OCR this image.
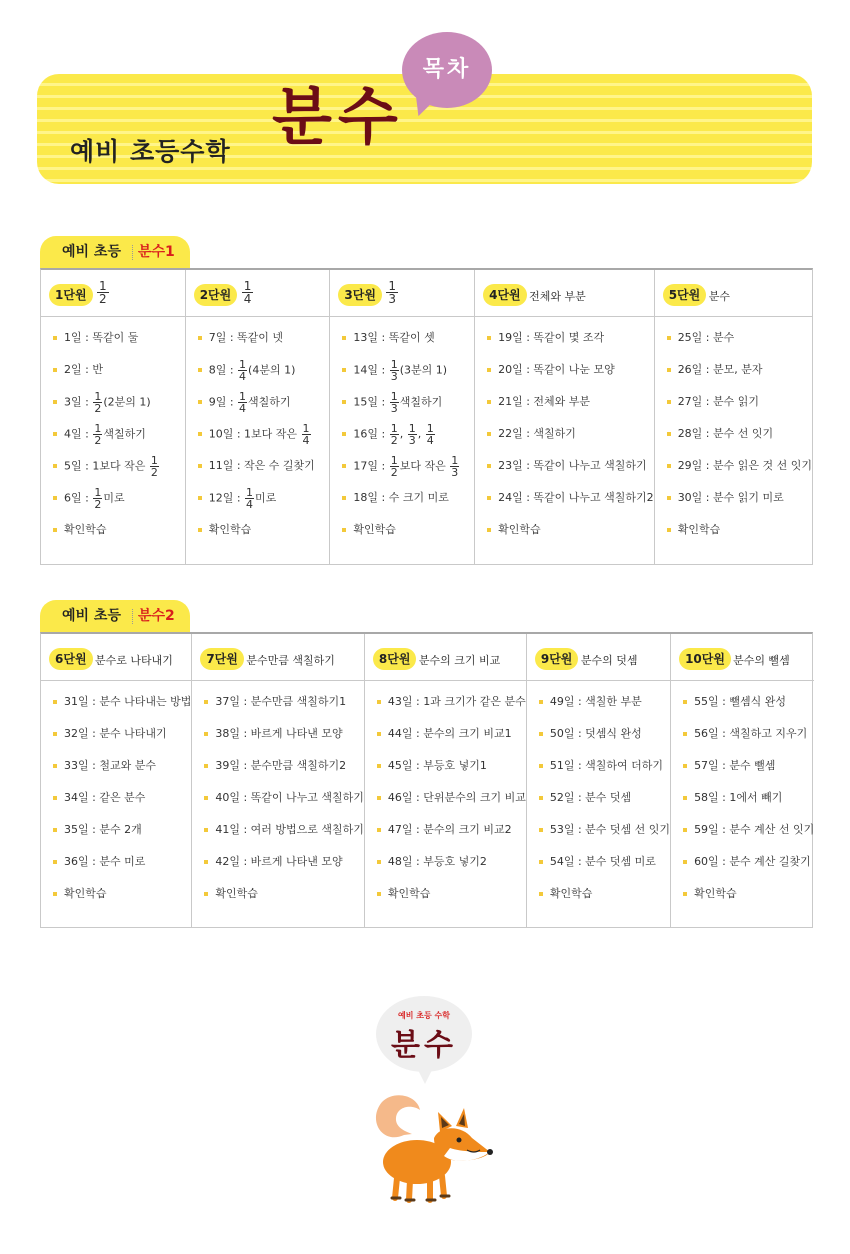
목차
예비 초등수학 분수
예비 초등 분수1
1단원 $\frac{1}{2}$
1일 : 똑같이 둘
2일 : 반
3일 : $\frac{1}{2} (2$분의 1)
4일 : $\frac{1}{2}$ 색칠하기
5일 : 1보다 작은 $\frac{1}{2}$
6일 : $\frac{1}{2}$ 미로
확인학습
2단원 $\frac{1}{4}$
7일 : 똑같이 넷
8일 : $\frac{1}{4} (4$분의 1)
9일 : $\frac{1}{4}$ 색칠하기
10일 : 1보다 작은 $\frac{1}{4}$
11일 : 작은 수 길찾기
12일 : $\frac{1}{4}$ 미로
확인학습
3단원 $\frac{1}{3}$
13일 : 똑같이 셋
14일 : $\frac{1}{3} (3$분의 1)
15일 : $\frac{1}{3}$ 색칠하기
16일 : $\frac{1}{2}$ , $\frac{1}{3}$ , $\frac{1}{4}$
17일 : $\frac{1}{2}$ 보다 작은 $\frac{1}{3}$
18일 : 수 크기 미로
확인학습
4단원 전체와 부분
19일 : 똑같이 몇 조각
20일 : 똑같이 나눈 모양
21일 : 전체와 부분
22일 : 색칠하기
23일 : 똑같이 나누고 색칠하기
24일 : 똑같이 나누고 색칠하기2
확인학습
5단원 분수
25일 : 분수
26일 : 분모, 분자
27일 : 분수 읽기
28일 : 분수 선 잇기
29일 : 분수 읽은 것 선 잇기
30일 : 분수 읽기 미로
확인학습
예비 초등 분수2
6단원 분수로 나타내기
31일 : 분수 나타내는 방법
32일 : 분수 나타내기
33일 : 철교와 분수
34일 : 같은 분수
35일 : 분수 2개
36일 : 분수 미로
확인학습
7단원 분수만큼 색칠하기
37일 : 분수만큼 색칠하기1
38일 : 바르게 나타낸 모양
39일 : 분수만큼 색칠하기2
40일 : 똑같이 나누고 색칠하기
41일 : 여러 방법으로 색칠하기
42일 : 바르게 나타낸 모양
확인학습
8단원 분수의 크기 비교
43일 : 1과 크기가 같은 분수
44일 : 분수의 크기 비교1
45일 : 부등호 넣기1
46일 : 단위분수의 크기 비교
47일 : 분수의 크기 비교2
48일 : 부등호 넣기2
확인학습
9단원 분수의 덧셈
49일 : 색칠한 부분
50일 : 덧셈식 완성
51일 : 색칠하여 더하기
52일 : 분수 덧셈
53일 : 분수 덧셈 선 잇기
54일 : 분수 덧셈 미로
확인학습
10단원 분수의 뺄셈
55일 : 뺄셈식 완성
56일 : 색칠하고 지우기
57일 : 분수 뺄셈
58일 : 1에서 빼기
59일 : 분수 계산 선 잇기
60일 : 분수 계산 길찾기
확인학습
예비 초등 수학
분수
